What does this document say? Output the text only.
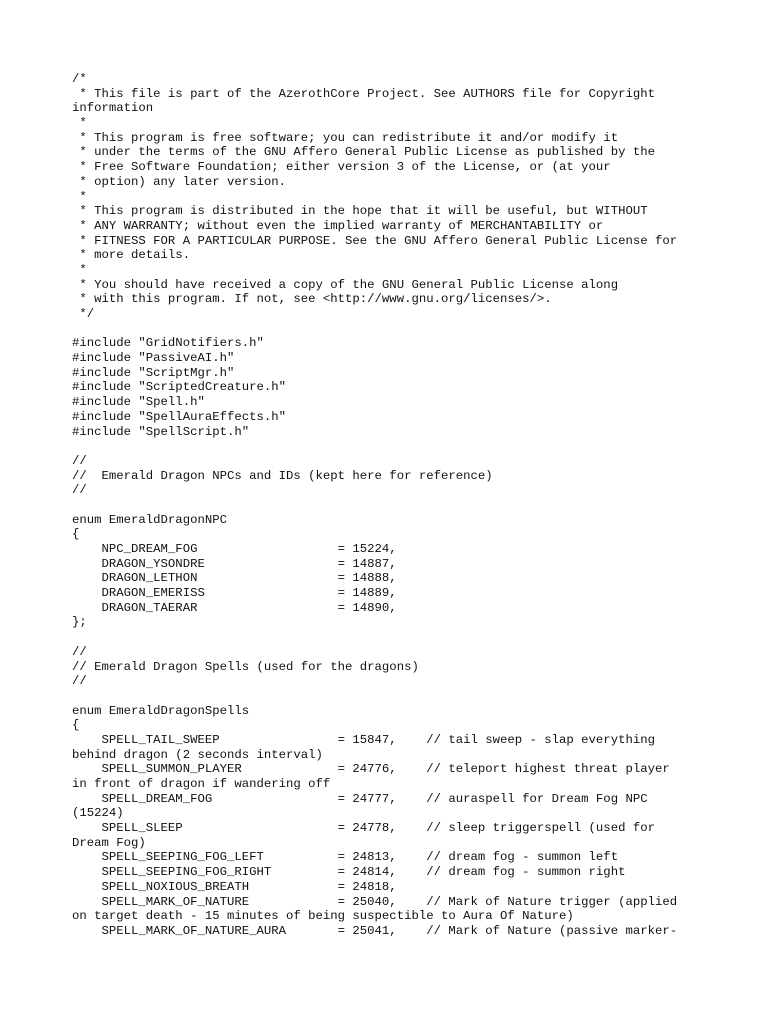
/*
* This file is part of the AzerothCore Project. See AUTHORS file for Copyright
information
*
* This program is free software; you can redistribute it and/or modify it
* under the terms of the GNU Affero General Public License as published by the
* Free Software Foundation; either version 3 of the License, or (at your
* option) any later version.
*
* This program is distributed in the hope that it will be useful, but WITHOUT
* ANY WARRANTY; without even the implied warranty of MERCHANTABILITY or
* FITNESS FOR A PARTICULAR PURPOSE. See the GNU Affero General Public License for
* more details.
*
* You should have received a copy of the GNU General Public License along
* with this program. If not, see <http://www.gnu.org/licenses/>.
*/
#include "GridNotifiers.h"
#include "PassiveAI.h"
#include "ScriptMgr.h"
#include "ScriptedCreature.h"
#include "Spell.h"
#include "SpellAuraEffects.h"
#include "SpellScript.h"
//
//  Emerald Dragon NPCs and IDs (kept here for reference)
//
enum EmeraldDragonNPC
{
NPC_DREAM_FOG                   = 15224,
DRAGON_YSONDRE                  = 14887,
DRAGON_LETHON                   = 14888,
DRAGON_EMERISS                  = 14889,
DRAGON_TAERAR                   = 14890,
};
//
// Emerald Dragon Spells (used for the dragons)
//
enum EmeraldDragonSpells
{
SPELL_TAIL_SWEEP                = 15847,    // tail sweep - slap everything
behind dragon (2 seconds interval)
SPELL_SUMMON_PLAYER             = 24776,    // teleport highest threat player
in front of dragon if wandering off
SPELL_DREAM_FOG                 = 24777,    // auraspell for Dream Fog NPC
(15224)
SPELL_SLEEP                     = 24778,    // sleep triggerspell (used for
Dream Fog)
SPELL_SEEPING_FOG_LEFT          = 24813,    // dream fog - summon left
SPELL_SEEPING_FOG_RIGHT         = 24814,    // dream fog - summon right
SPELL_NOXIOUS_BREATH            = 24818,
SPELL_MARK_OF_NATURE            = 25040,    // Mark of Nature trigger (applied
on target death - 15 minutes of being suspectible to Aura Of Nature)
SPELL_MARK_OF_NATURE_AURA       = 25041,    // Mark of Nature (passive marker-
